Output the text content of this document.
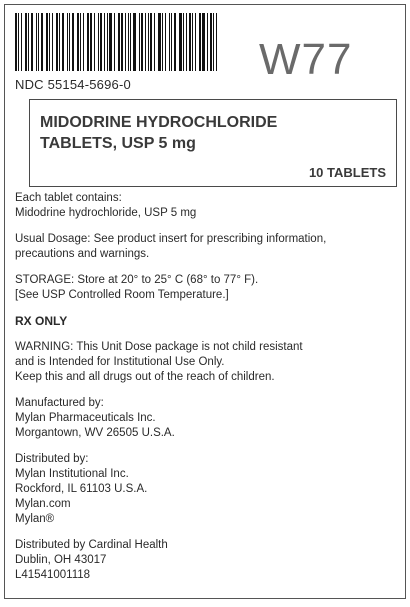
NDC 55154-5696-0
W77
MIDODRINE HYDROCHLORIDE
TABLETS, USP 5 mg
10 TABLETS

Each tablet contains:

Midodrine hydrochloride, USP 5 mg

Usual Dosage: See product insert for prescribing information,

precautions and warnings.

STORAGE: Store at 20° to 25° C (68° to 77° F).

[See USP Controlled Room Temperature.]

RX ONLY

WARNING: This Unit Dose package is not child resistant

and is Intended for Institutional Use Only.

Keep this and all drugs out of the reach of children.

Manufactured by:

Mylan Pharmaceuticals Inc.

Morgantown, WV 26505 U.S.A.

Distributed by:

Mylan Institutional Inc.

Rockford, IL 61103 U.S.A.

Mylan.com

Mylan®

Distributed by Cardinal Health

Dublin, OH 43017

L41541001118
